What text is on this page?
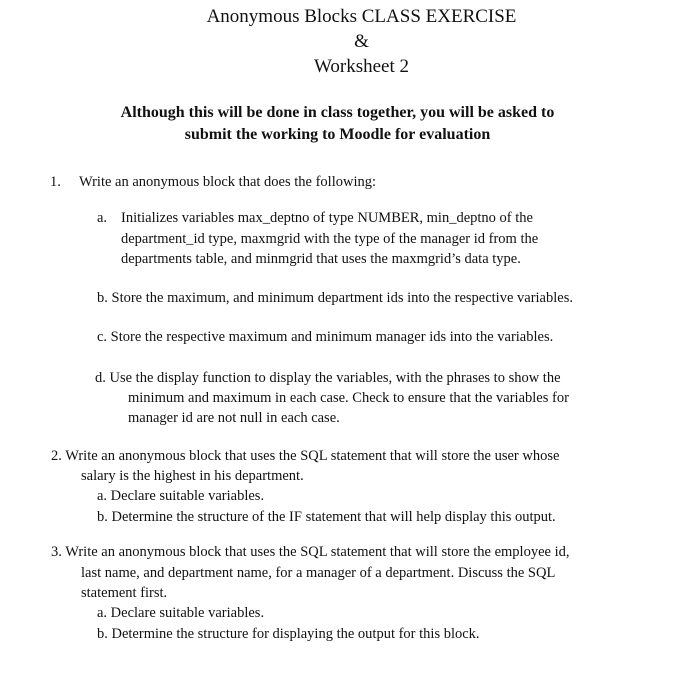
Anonymous Blocks CLASS EXERCISE
&
Worksheet 2
Although this will be done in class together, you will be asked to
submit the working to Moodle for evaluation
1. Write an anonymous block that does the following:
a. Initializes variables max_deptno of type NUMBER, min_deptno of the
department_id type, maxmgrid with the type of the manager id from the
departments table, and minmgrid that uses the maxmgrid’s data type.
b. Store the maximum, and minimum department ids into the respective variables.
c. Store the respective maximum and minimum manager ids into the variables.
d. Use the display function to display the variables, with the phrases to show the
minimum and maximum in each case. Check to ensure that the variables for
manager id are not null in each case.
2. Write an anonymous block that uses the SQL statement that will store the user whose
salary is the highest in his department.
a. Declare suitable variables.
b. Determine the structure of the IF statement that will help display this output.
3. Write an anonymous block that uses the SQL statement that will store the employee id,
last name, and department name, for a manager of a department. Discuss the SQL
statement first.
a. Declare suitable variables.
b. Determine the structure for displaying the output for this block.
